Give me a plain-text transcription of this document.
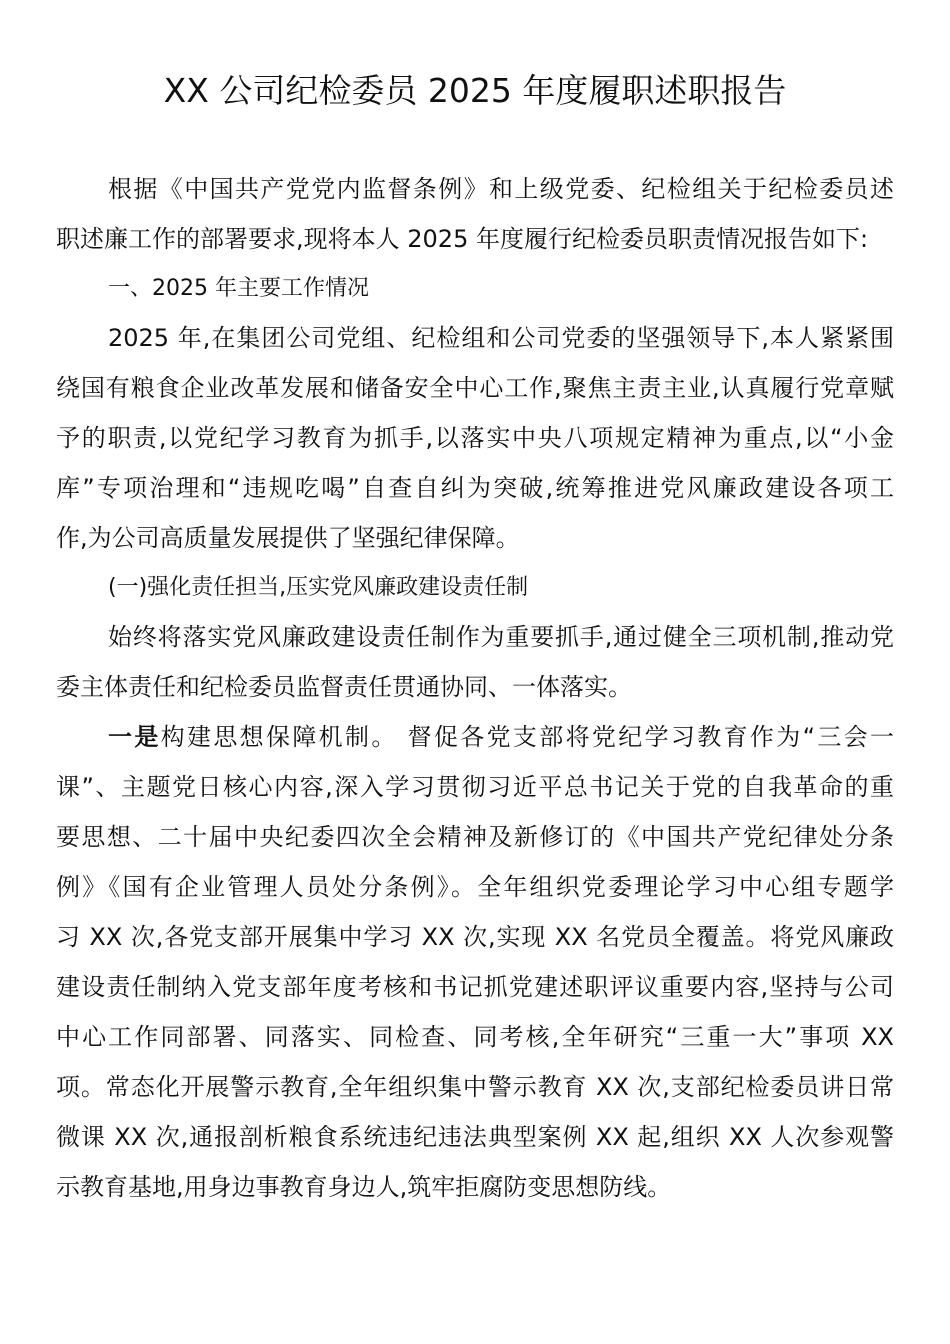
XX 公司纪检委员 2025 年度履职述职报告
根据《中国共产党党内监督条例》和上级党委、纪检组关于纪检委员述
职述廉工作的部署要求,现将本人 2025 年度履行纪检委员职责情况报告如下:
一、2025 年主要工作情况
2025 年,在集团公司党组、纪检组和公司党委的坚强领导下,本人紧紧围
绕国有粮食企业改革发展和储备安全中心工作,聚焦主责主业,认真履行党章赋
予的职责,以党纪学习教育为抓手,以落实中央八项规定精神为重点,以“小金
库”专项治理和“违规吃喝”自查自纠为突破,统筹推进党风廉政建设各项工
作,为公司高质量发展提供了坚强纪律保障。
(一)强化责任担当,压实党风廉政建设责任制
始终将落实党风廉政建设责任制作为重要抓手,通过健全三项机制,推动党
委主体责任和纪检委员监督责任贯通协同、一体落实。
一是构建思想保障机制。 督促各党支部将党纪学习教育作为“三会一
课”、主题党日核心内容,深入学习贯彻习近平总书记关于党的自我革命的重
要思想、二十届中央纪委四次全会精神及新修订的《中国共产党纪律处分条
例》《国有企业管理人员处分条例》。全年组织党委理论学习中心组专题学
习 XX 次,各党支部开展集中学习 XX 次,实现 XX 名党员全覆盖。将党风廉政
建设责任制纳入党支部年度考核和书记抓党建述职评议重要内容,坚持与公司
中心工作同部署、同落实、同检查、同考核,全年研究“三重一大”事项 XX
项。常态化开展警示教育,全年组织集中警示教育 XX 次,支部纪检委员讲日常
微课 XX 次,通报剖析粮食系统违纪违法典型案例 XX 起,组织 XX 人次参观警
示教育基地,用身边事教育身边人,筑牢拒腐防变思想防线。
